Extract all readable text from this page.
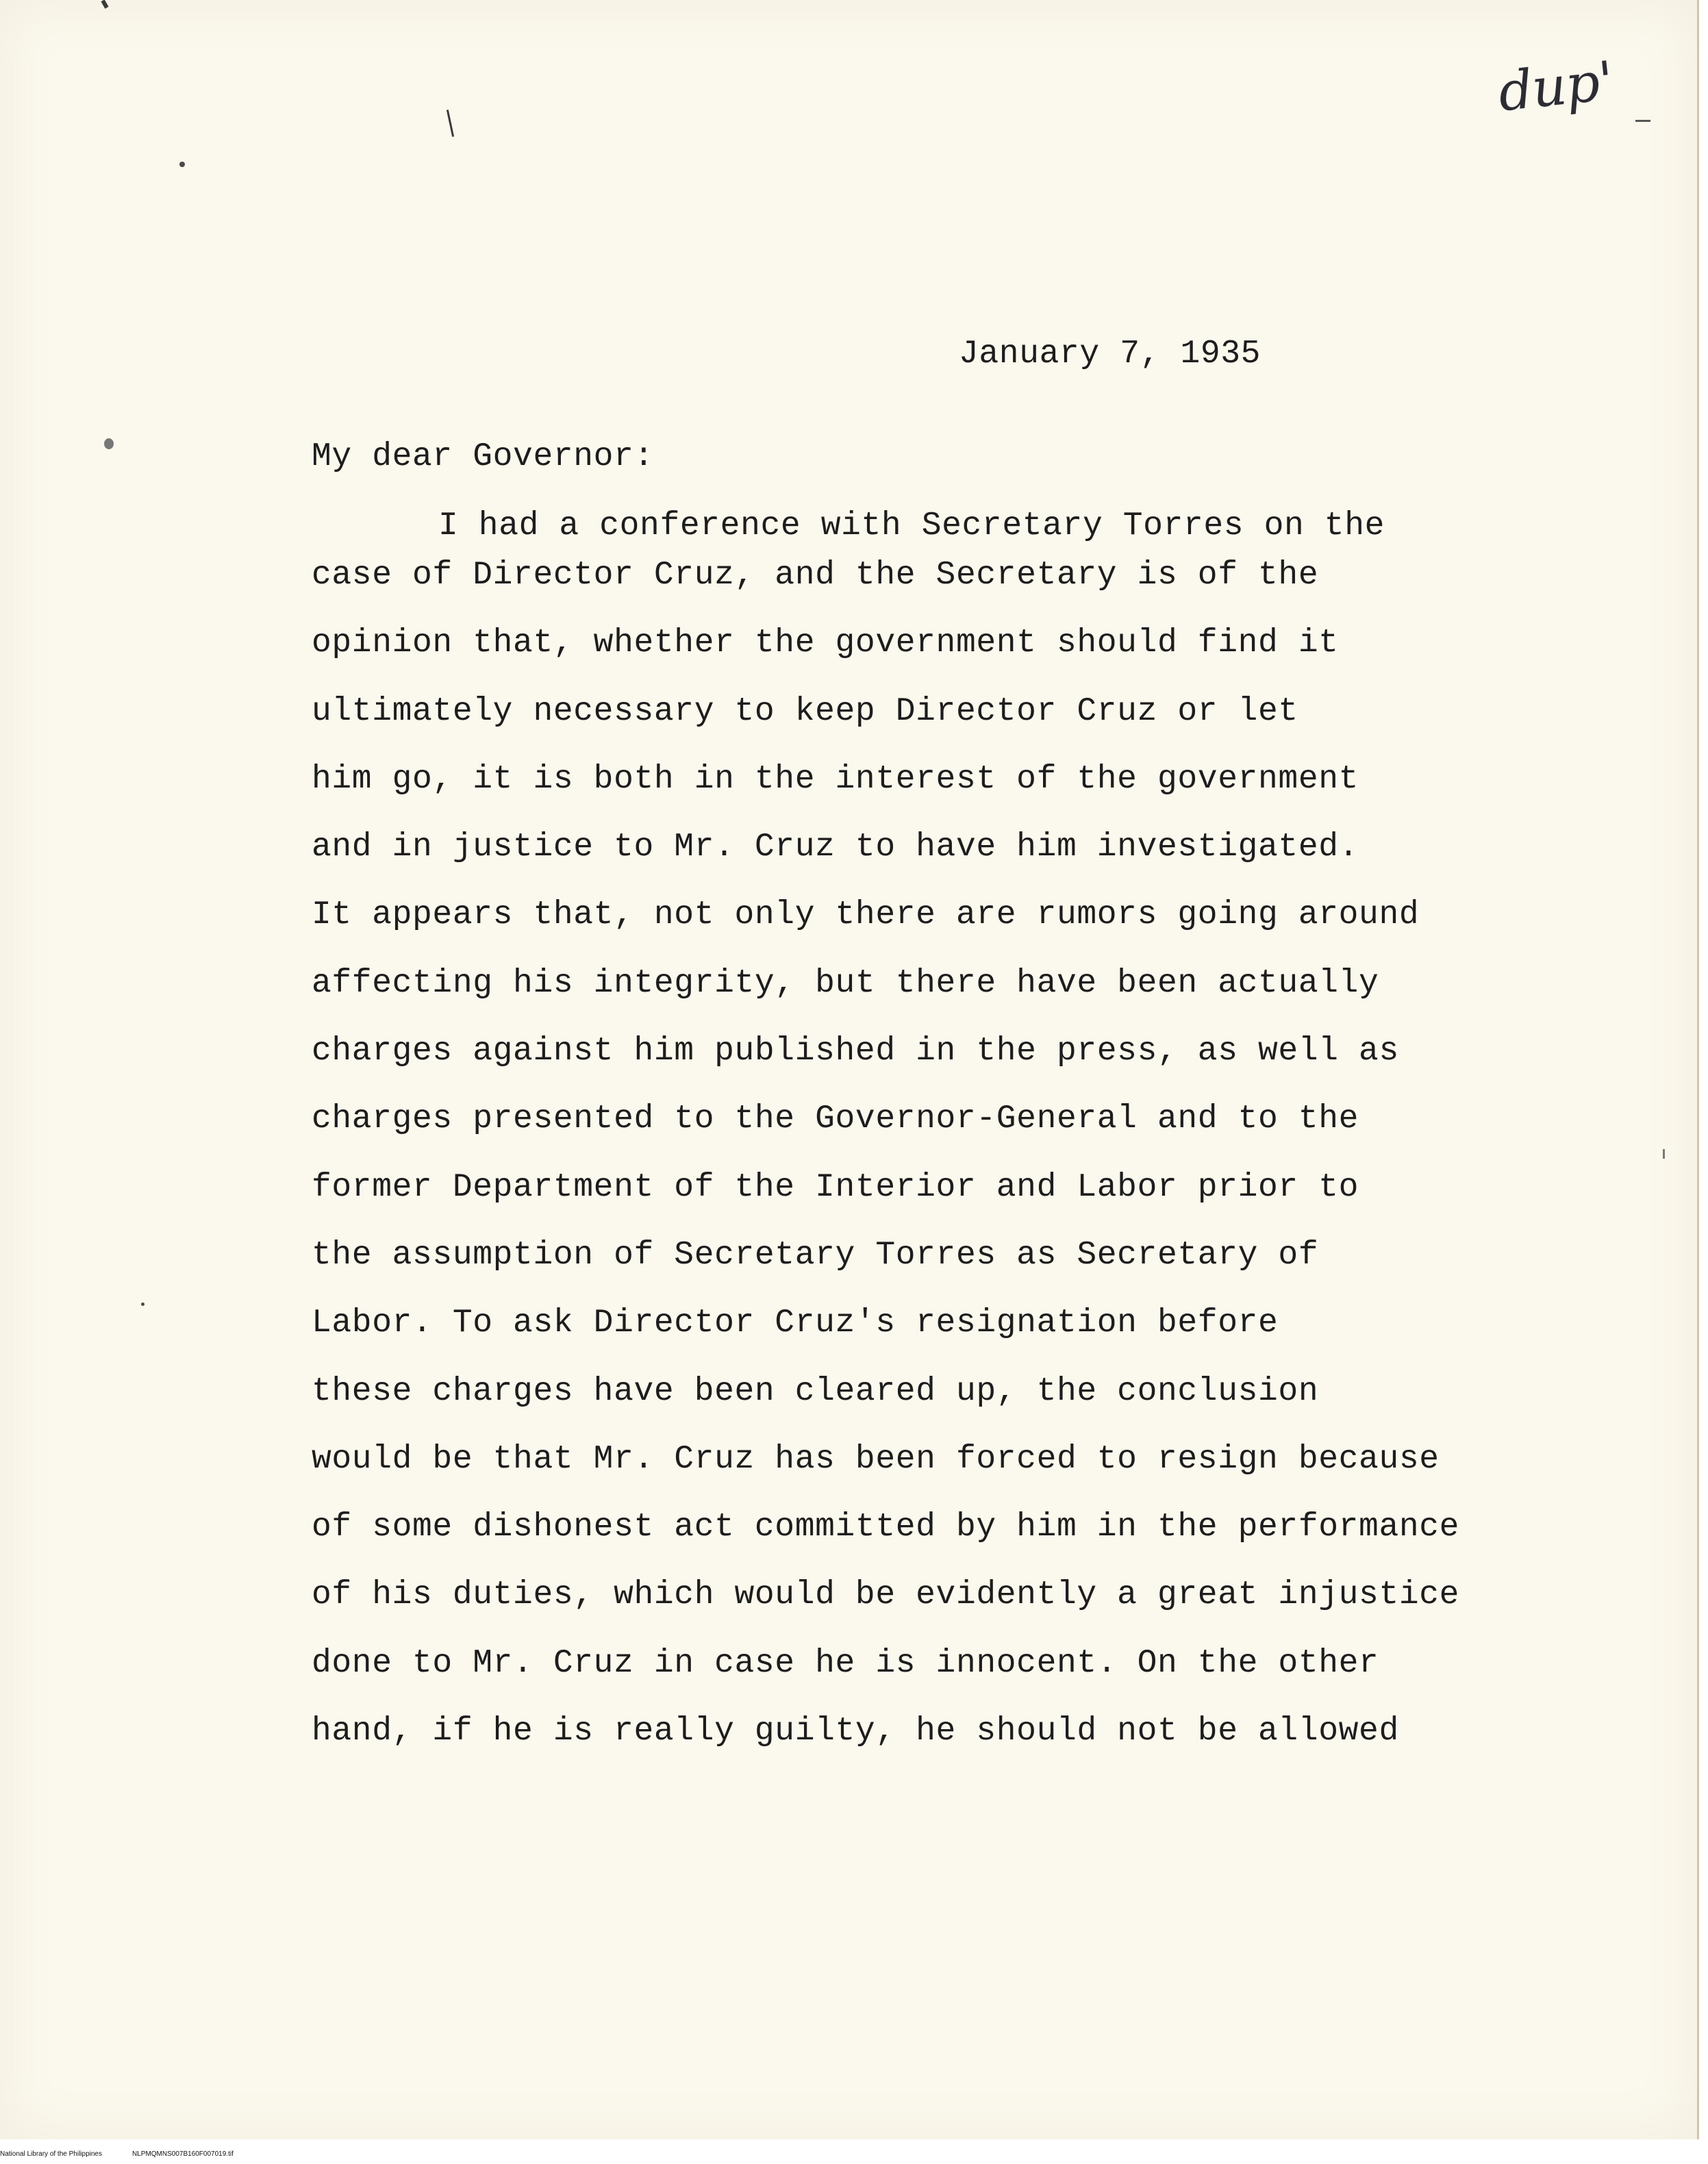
dup'
January 7, 1935
My dear Governor:
I had a conference with Secretary Torres on the
case of Director Cruz, and the Secretary is of the
opinion that, whether the government should find it
ultimately necessary to keep Director Cruz or let
him go, it is both in the interest of the government
and in justice to Mr. Cruz to have him investigated.
It appears that, not only there are rumors going around
affecting his integrity, but there have been actually
charges against him published in the press, as well as
charges presented to the Governor-General and to the
former Department of the Interior and Labor prior to
the assumption of Secretary Torres as Secretary of
Labor. To ask Director Cruz's resignation before
these charges have been cleared up, the conclusion
would be that Mr. Cruz has been forced to resign because
of some dishonest act committed by him in the performance
of his duties, which would be evidently a great injustice
done to Mr. Cruz in case he is innocent. On the other
hand, if he is really guilty, he should not be allowed
National Library of the Philippines	NLPMQMNS007B160F007019.tif
